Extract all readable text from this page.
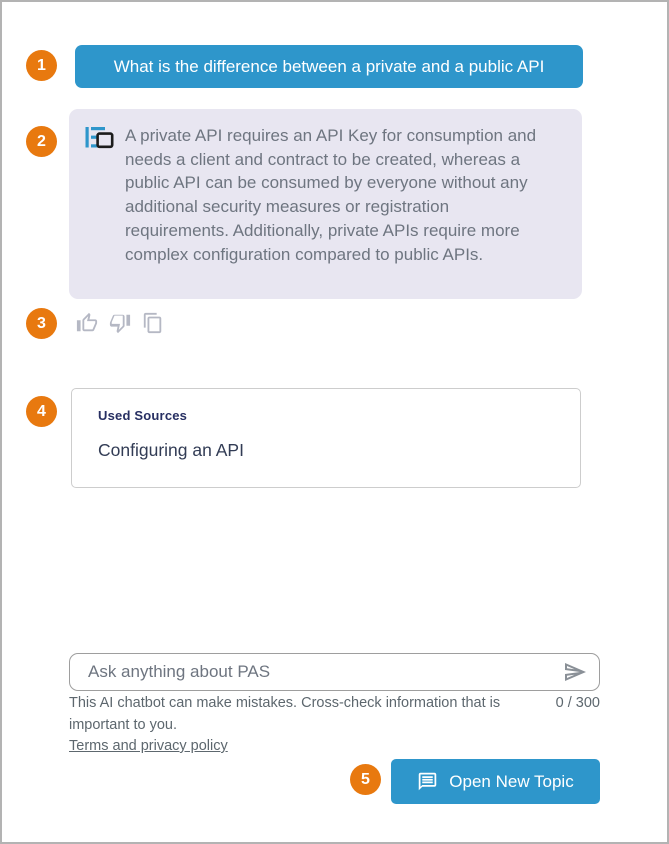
1
2
3
4
5
What is the difference between a private and a public API
A private API requires an API Key for consumption and needs a client and contract to be created, whereas a public API can be consumed by everyone without any additional security measures or registration requirements. Additionally, private APIs require more complex configuration compared to public APIs.
Used Sources
Configuring an API
Ask anything about PAS
This AI chatbot can make mistakes. Cross-check information that is important to you.
0 / 300
Terms and privacy policy
Open New Topic
